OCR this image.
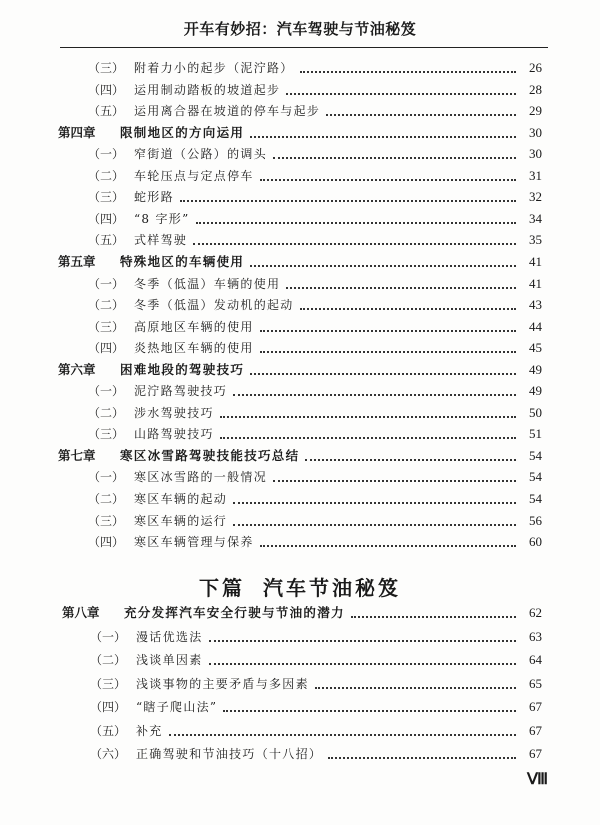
开车有妙招：汽车驾驶与节油秘笈
（三） 附着力小的起步（泥泞路）	26
（四） 运用制动踏板的坡道起步	28
（五） 运用离合器在坡道的停车与起步	29
第四章	限制地区的方向运用	30
（一） 窄街道（公路）的调头	30
（二） 车轮压点与定点停车	31
（三） 蛇形路	32
（四） “8 字形”	34
（五） 式样驾驶	35
第五章	特殊地区的车辆使用	41
（一） 冬季（低温）车辆的使用	41
（二） 冬季（低温）发动机的起动	43
（三） 高原地区车辆的使用	44
（四） 炎热地区车辆的使用	45
第六章	困难地段的驾驶技巧	49
（一） 泥泞路驾驶技巧	49
（二） 涉水驾驶技巧	50
（三） 山路驾驶技巧	51
第七章	寒区冰雪路驾驶技能技巧总结	54
（一） 寒区冰雪路的一般情况	54
（二） 寒区车辆的起动	54
（三） 寒区车辆的运行	56
（四） 寒区车辆管理与保养	60
下篇 汽车节油秘笈
第八章	充分发挥汽车安全行驶与节油的潜力	62
（一） 漫话优选法	63
（二） 浅谈单因素	64
（三） 浅谈事物的主要矛盾与多因素	65
（四） “瞎子爬山法”	67
（五） 补充	67
（六） 正确驾驶和节油技巧（十八招）	67
Ⅷ
